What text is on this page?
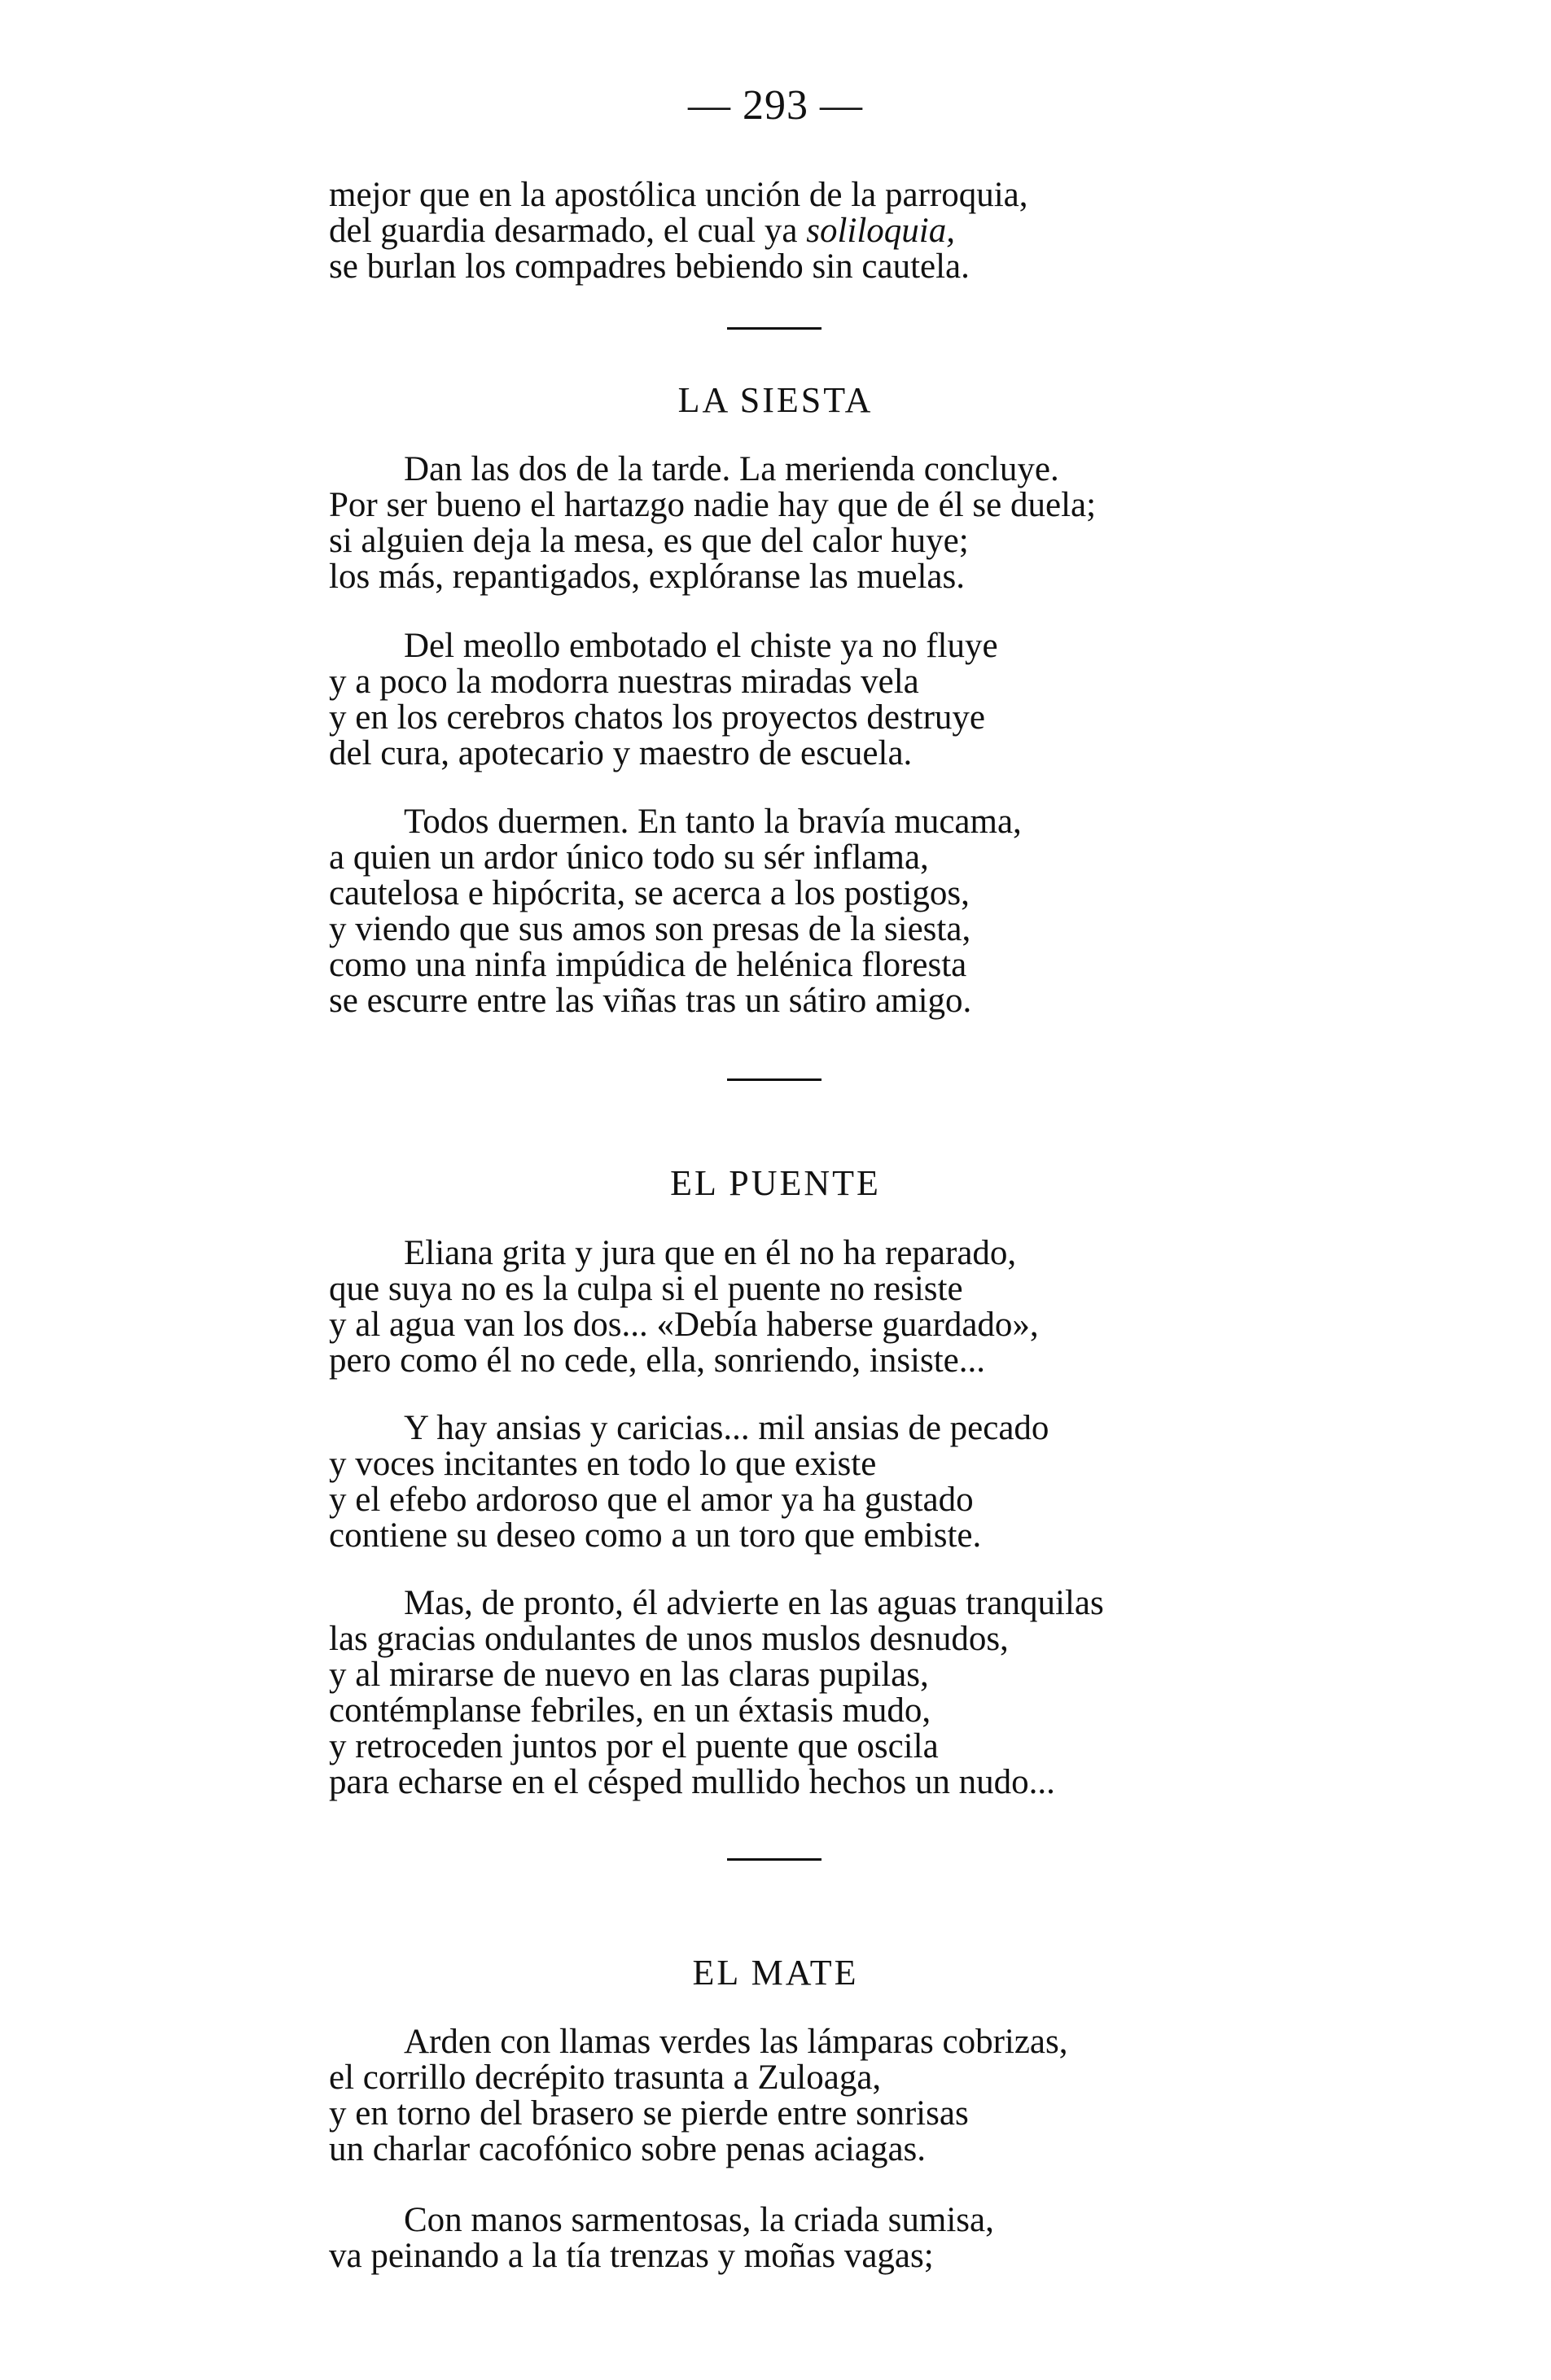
— 293 —

mejor que en la apostólica unción de la parroquia,

del guardia desarmado, el cual ya soliloquia,

se burlan los compadres bebiendo sin cautela.

LA SIESTA

Dan las dos de la tarde. La merienda concluye.

Por ser bueno el hartazgo nadie hay que de él se duela;

si alguien deja la mesa, es que del calor huye;

los más, repantigados, explóranse las muelas.

Del meollo embotado el chiste ya no fluye

y a poco la modorra nuestras miradas vela

y en los cerebros chatos los proyectos destruye

del cura, apotecario y maestro de escuela.

Todos duermen. En tanto la bravía mucama,

a quien un ardor único todo su sér inflama,

cautelosa e hipócrita, se acerca a los postigos,

y viendo que sus amos son presas de la siesta,

como una ninfa impúdica de helénica floresta

se escurre entre las viñas tras un sátiro amigo.

EL PUENTE

Eliana grita y jura que en él no ha reparado,

que suya no es la culpa si el puente no resiste

y al agua van los dos... «Debía haberse guardado»,

pero como él no cede, ella, sonriendo, insiste...

Y hay ansias y caricias... mil ansias de pecado

y voces incitantes en todo lo que existe

y el efebo ardoroso que el amor ya ha gustado

contiene su deseo como a un toro que embiste.

Mas, de pronto, él advierte en las aguas tranquilas

las gracias ondulantes de unos muslos desnudos,

y al mirarse de nuevo en las claras pupilas,

contémplanse febriles, en un éxtasis mudo,

y retroceden juntos por el puente que oscila

para echarse en el césped mullido hechos un nudo...

EL MATE

Arden con llamas verdes las lámparas cobrizas,

el corrillo decrépito trasunta a Zuloaga,

y en torno del brasero se pierde entre sonrisas

un charlar cacofónico sobre penas aciagas.

Con manos sarmentosas, la criada sumisa,

va peinando a la tía trenzas y moñas vagas;
